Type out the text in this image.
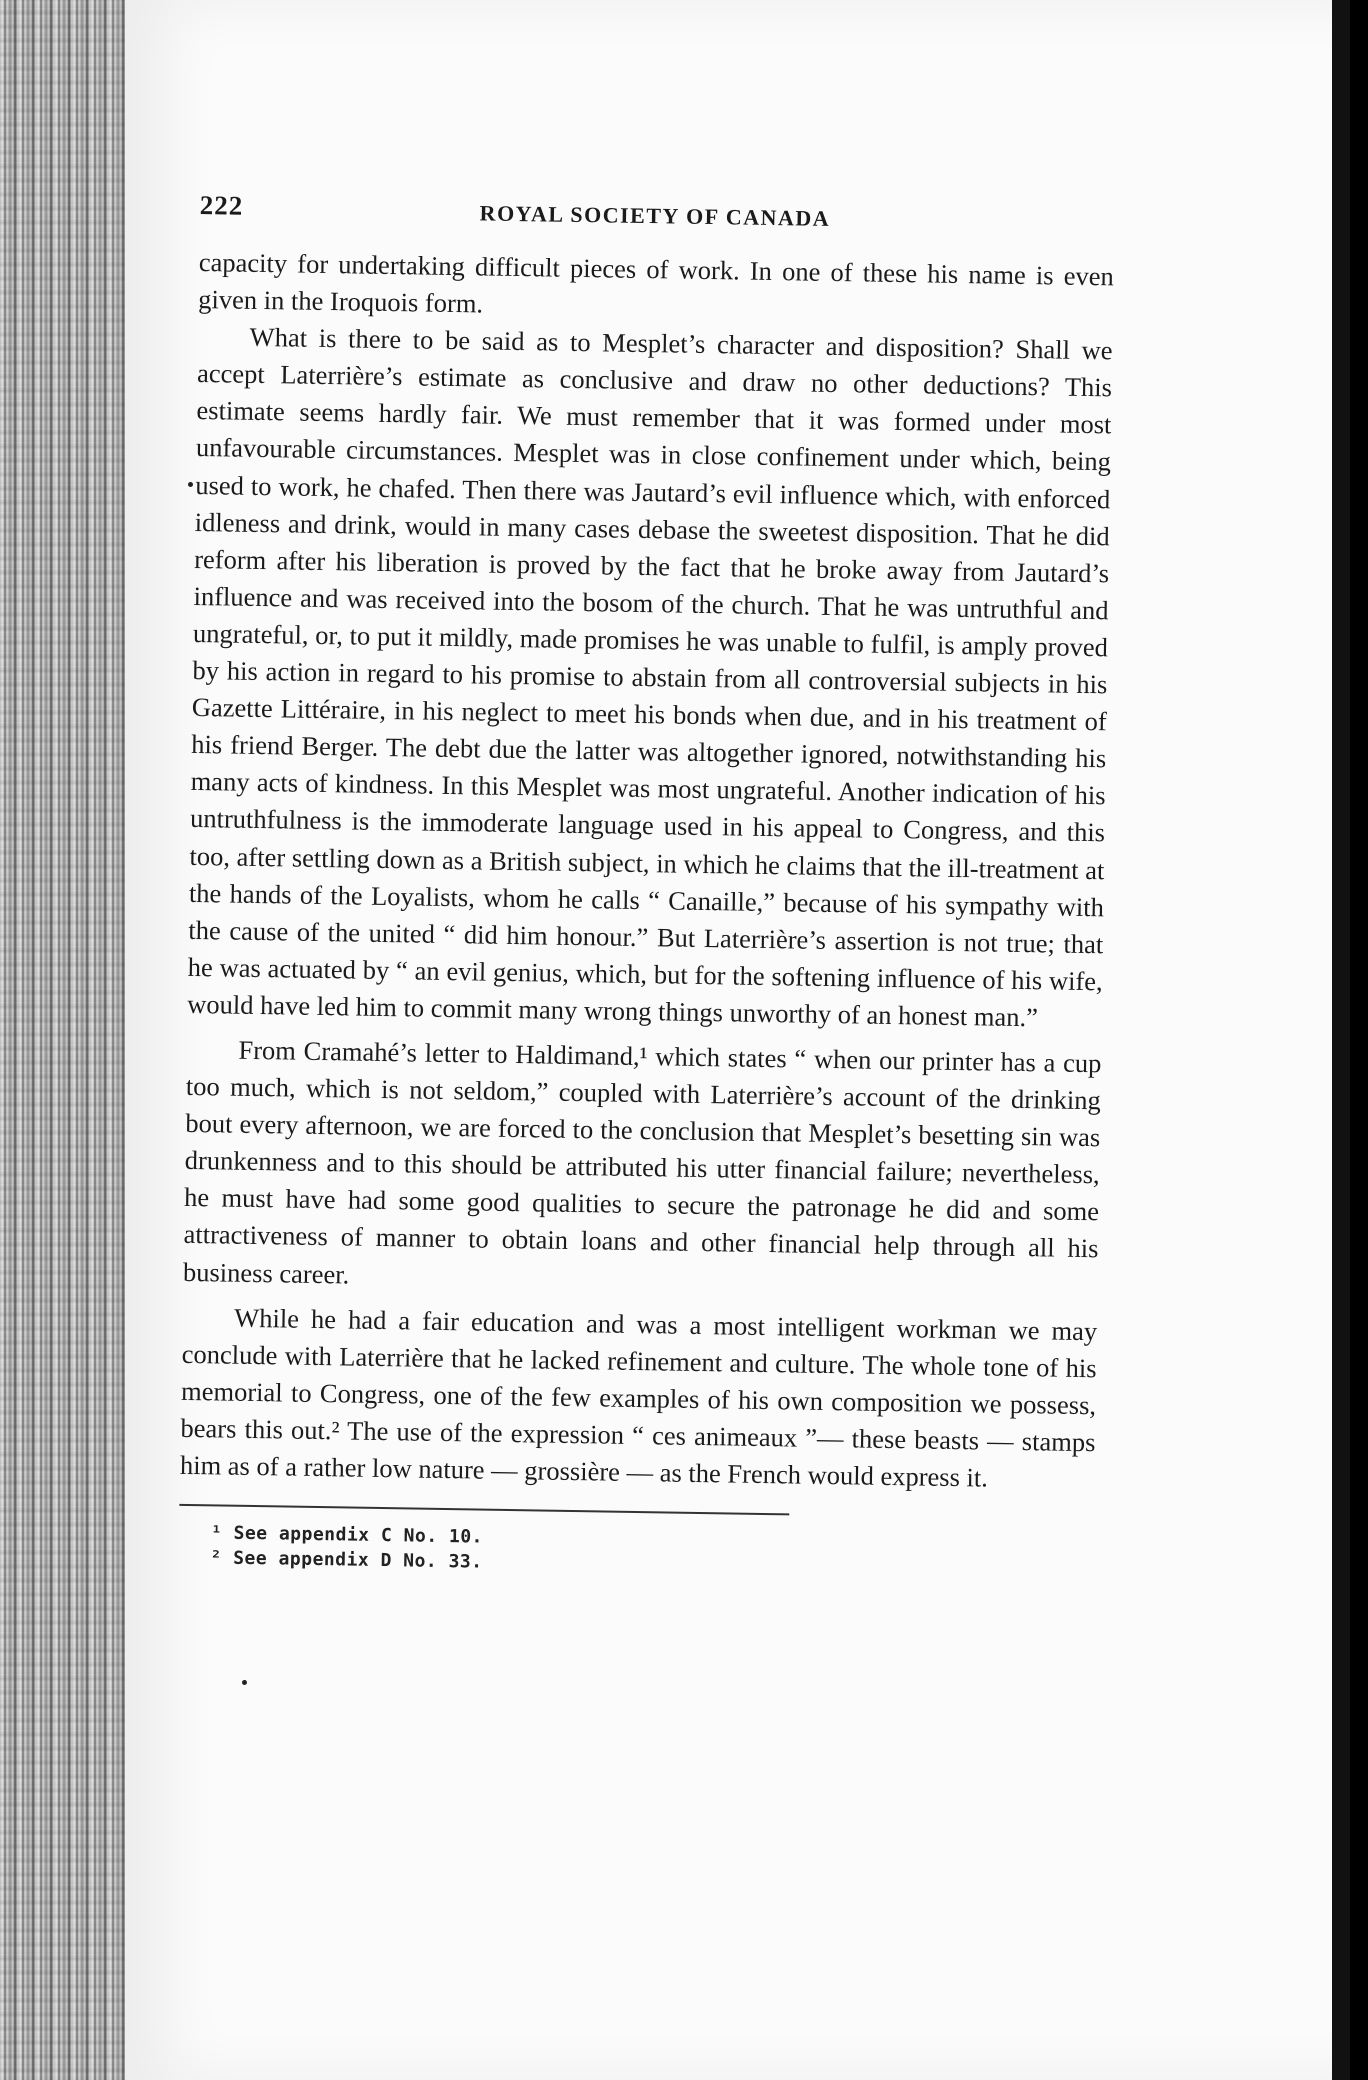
222	ROYAL SOCIETY OF CANADA

capacity for undertaking difficult pieces of work. In one of these his name is even given in the Iroquois form.

What is there to be said as to Mesplet’s character and disposition? Shall we accept Laterrière’s estimate as conclusive and draw no other deductions? This estimate seems hardly fair. We must remember that it was formed under most unfavourable circumstances. Mesplet was in close confinement under which, being used to work, he chafed. Then there was Jautard’s evil influence which, with enforced idleness and drink, would in many cases debase the sweetest disposition. That he did reform after his liberation is proved by the fact that he broke away from Jautard’s influence and was received into the bosom of the church. That he was untruthful and ungrateful, or, to put it mildly, made promises he was unable to fulfil, is amply proved by his action in regard to his promise to abstain from all controversial subjects in his Gazette Littéraire, in his neglect to meet his bonds when due, and in his treatment of his friend Berger. The debt due the latter was altogether ignored, notwithstanding his many acts of kindness. In this Mesplet was most ungrateful. Another indication of his untruthfulness is the immoderate language used in his appeal to Congress, and this too, after settling down as a British subject, in which he claims that the ill-treatment at the hands of the Loyalists, whom he calls “ Canaille,” because of his sympathy with the cause of the united “ did him honour.” But Laterrière’s assertion is not true; that he was actuated by “ an evil genius, which, but for the softening influence of his wife, would have led him to commit many wrong things unworthy of an honest man.”

From Cramahé’s letter to Haldimand,¹ which states “ when our printer has a cup too much, which is not seldom,” coupled with Laterrière’s account of the drinking bout every afternoon, we are forced to the conclusion that Mesplet’s besetting sin was drunkenness and to this should be attributed his utter financial failure; nevertheless, he must have had some good qualities to secure the patronage he did and some attractiveness of manner to obtain loans and other financial help through all his business career.

While he had a fair education and was a most intelligent workman we may conclude with Laterrière that he lacked refinement and culture. The whole tone of his memorial to Congress, one of the few examples of his own composition we possess, bears this out.² The use of the expression “ ces animeaux ”— these beasts — stamps him as of a rather low nature — grossière — as the French would express it.

¹ See appendix C No. 10.
² See appendix D No. 33.
